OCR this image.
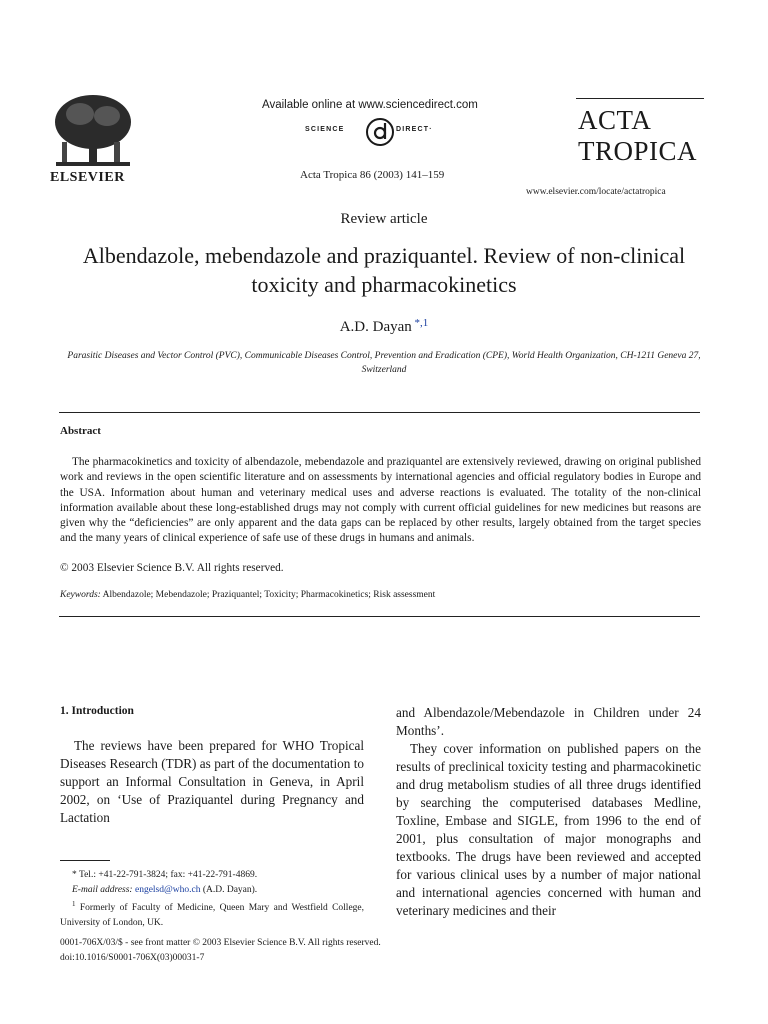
ELSEVIER
Available online at www.sciencedirect.com
SCIENCE	DIRECT·
Acta Tropica 86 (2003) 141–159
ACTA
TROPICA
www.elsevier.com/locate/actatropica
Review article
Albendazole, mebendazole and praziquantel. Review of non-clinical toxicity and pharmacokinetics
A.D. Dayan $^{*,1}$
Parasitic Diseases and Vector Control (PVC), Communicable Diseases Control, Prevention and Eradication (CPE), World Health Organization, CH-1211 Geneva 27, Switzerland
Abstract

The pharmacokinetics and toxicity of albendazole, mebendazole and praziquantel are extensively reviewed, drawing on original published work and reviews in the open scientific literature and on assessments by international agencies and official regulatory bodies in Europe and the USA. Information about human and veterinary medical uses and adverse reactions is evaluated. The totality of the non-clinical information available about these long-established drugs may not comply with current official guidelines for new medicines but reasons are given why the “deficiencies” are only apparent and the data gaps can be replaced by other results, largely obtained from the target species and the many years of clinical experience of safe use of these drugs in humans and animals.

© 2003 Elsevier Science B.V. All rights reserved.
Keywords: Albendazole; Mebendazole; Praziquantel; Toxicity; Pharmacokinetics; Risk assessment
1. Introduction

The reviews have been prepared for WHO Tropical Diseases Research (TDR) as part of the documentation to support an Informal Consultation in Geneva, in April 2002, on ‘Use of Praziquantel during Pregnancy and Lactation

and Albendazole/Mebendazole in Children under 24 Months’.

They cover information on published papers on the results of preclinical toxicity testing and pharmacokinetic and drug metabolism studies of all three drugs identified by searching the computerised databases Medline, Toxline, Embase and SIGLE, from 1996 to the end of 2001, plus consultation of major monographs and textbooks. The drugs have been reviewed and accepted for various clinical uses by a number of major national and international agencies concerned with human and veterinary medicines and their

* Tel.: +41-22-791-3824; fax: +41-22-791-4869.

E-mail address: engelsd@who.ch (A.D. Dayan).

$^1$ Formerly of Faculty of Medicine, Queen Mary and Westfield College, University of London, UK.

0001-706X/03/$ - see front matter © 2003 Elsevier Science B.V. All rights reserved.
doi:10.1016/S0001-706X(03)00031-7
